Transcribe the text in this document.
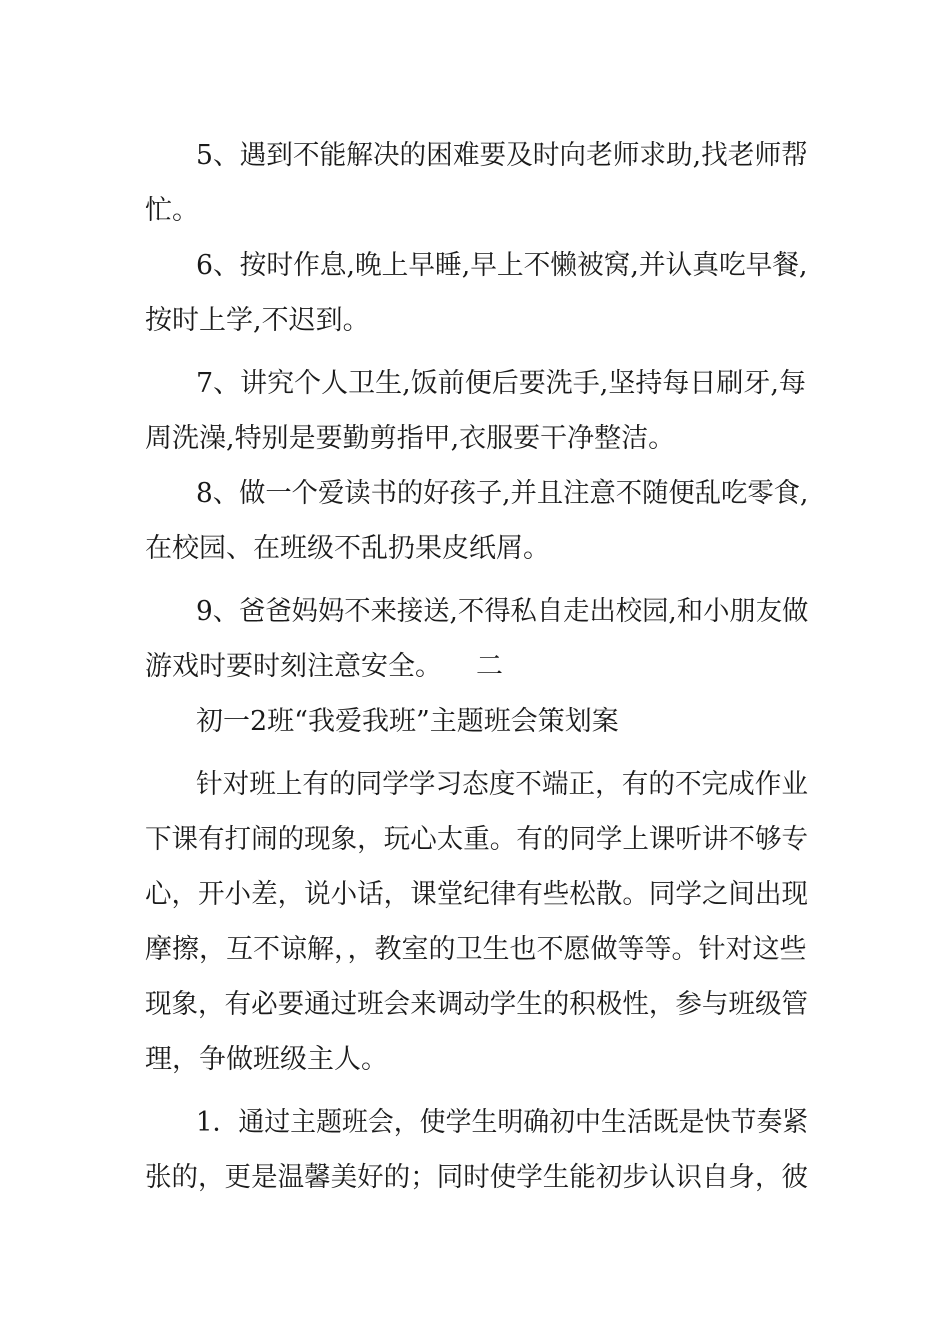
5、遇到不能解决的困难要及时向老师求助,找老师帮
忙。
6、按时作息,晚上早睡,早上不懒被窝,并认真吃早餐,
按时上学,不迟到。
7、讲究个人卫生,饭前便后要洗手,坚持每日刷牙,每
周洗澡,特别是要勤剪指甲,衣服要干净整洁。
8、做一个爱读书的好孩子,并且注意不随便乱吃零食,
在校园、在班级不乱扔果皮纸屑。
9、爸爸妈妈不来接送,不得私自走出校园,和小朋友做
游戏时要时刻注意安全。	二
初一2班“我爱我班”主题班会策划案
针对班上有的同学学习态度不端正，有的不完成作业
下课有打闹的现象，玩心太重。有的同学上课听讲不够专
心，开小差，说小话，课堂纪律有些松散。同学之间出现
摩擦，互不谅解，，教室的卫生也不愿做等等。针对这些
现象，有必要通过班会来调动学生的积极性，参与班级管
理，争做班级主人。
1．通过主题班会，使学生明确初中生活既是快节奏紧
张的，更是温馨美好的；同时使学生能初步认识自身，彼
